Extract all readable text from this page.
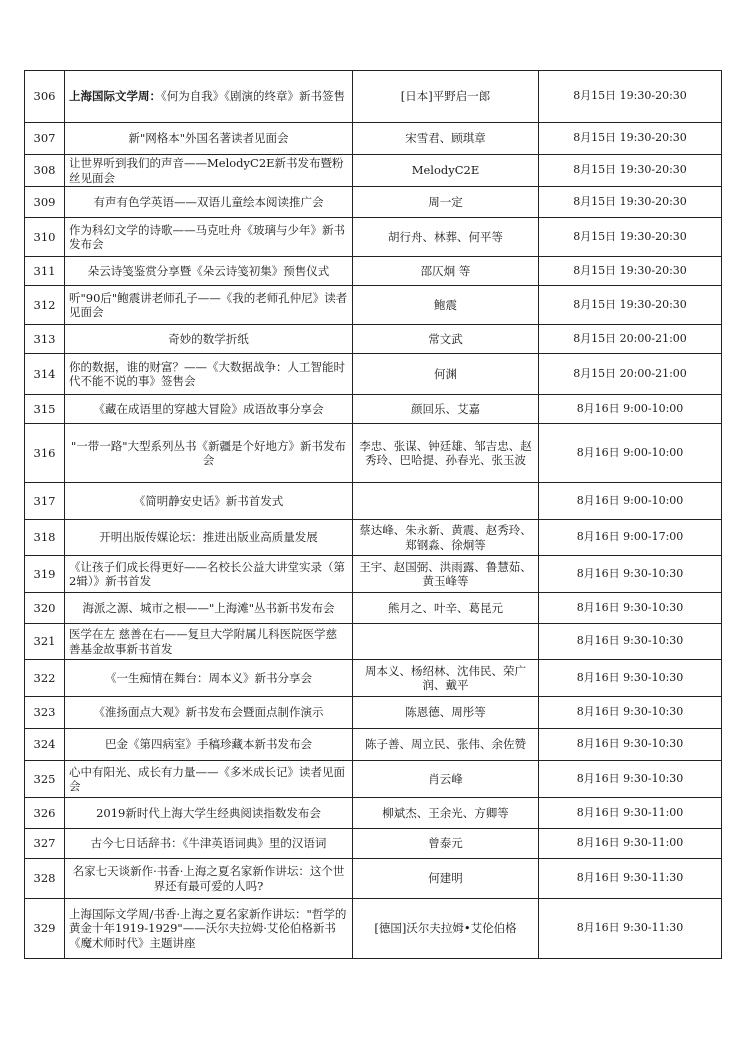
306	上海国际文学周：《何为自我》《剧演的终章》新书签售	[日本]平野启一郎	8月15日 19:30-20:30
307	新"网格本"外国名著读者见面会	宋雪君、顾琪章	8月15日 19:30-20:30
308	让世界听到我们的声音——MelodyC2E新书发布暨粉丝见面会	MelodyC2E	8月15日 19:30-20:30
309	有声有色学英语——双语儿童绘本阅读推广会	周一定	8月15日 19:30-20:30
310	作为科幻文学的诗歌——马克吐舟《玻璃与少年》新书发布会	胡行舟、林葬、何平等	8月15日 19:30-20:30
311	朵云诗笺鉴赏分享暨《朵云诗笺初集》预售仪式	邵仄炯 等	8月15日 19:30-20:30
312	听"90后"鲍震讲老师孔子——《我的老师孔仲尼》读者见面会	鲍震	8月15日 19:30-20:30
313	奇妙的数学折纸	常文武	8月15日 20:00-21:00
314	你的数据，谁的财富？——《大数据战争：人工智能时代不能不说的事》签售会	何渊	8月15日 20:00-21:00
315	《藏在成语里的穿越大冒险》成语故事分享会	颜回乐、艾嘉	8月16日 9:00-10:00
316	"一带一路"大型系列丛书《新疆是个好地方》新书发布会	李忠、张谋、钟廷雄、邹吉忠、赵秀玲、巴哈提、孙春光、张玉波	8月16日 9:00-10:00
317	《简明静安史话》新书首发式		8月16日 9:00-10:00
318	开明出版传媒论坛：推进出版业高质量发展	蔡达峰、朱永新、黄震、赵秀玲、郑钢淼、徐炯等	8月16日 9:00-17:00
319	《让孩子们成长得更好——名校长公益大讲堂实录（第2辑）》新书首发	王宇、赵国弼、洪雨露、鲁慧茹、黄玉峰等	8月16日 9:30-10:30
320	海派之源、城市之根——"上海滩"丛书新书发布会	熊月之、叶辛、葛昆元	8月16日 9:30-10:30
321	医学在左 慈善在右——复旦大学附属儿科医院医学慈善基金故事新书首发		8月16日 9:30-10:30
322	《一生痴情在舞台：周本义》新书分享会	周本义、杨绍林、沈伟民、荣广润、戴平	8月16日 9:30-10:30
323	《淮扬面点大观》新书发布会暨面点制作演示	陈恩德、周彤等	8月16日 9:30-10:30
324	巴金《第四病室》手稿珍藏本新书发布会	陈子善、周立民、张伟、余佐赞	8月16日 9:30-10:30
325	心中有阳光、成长有力量——《多米成长记》读者见面会	肖云峰	8月16日 9:30-10:30
326	2019新时代上海大学生经典阅读指数发布会	柳斌杰、王余光、方卿等	8月16日 9:30-11:00
327	古今七日话辞书：《牛津英语词典》里的汉语词	曾泰元	8月16日 9:30-11:00
328	名家七天谈新作·书香·上海之夏名家新作讲坛：这个世界还有最可爱的人吗?	何建明	8月16日 9:30-11:30
329	上海国际文学周/书香·上海之夏名家新作讲坛："哲学的黄金十年1919-1929"——沃尔夫拉姆·艾伦伯格新书《魔术师时代》主题讲座	[德国]沃尔夫拉姆•艾伦伯格	8月16日 9:30-11:30
